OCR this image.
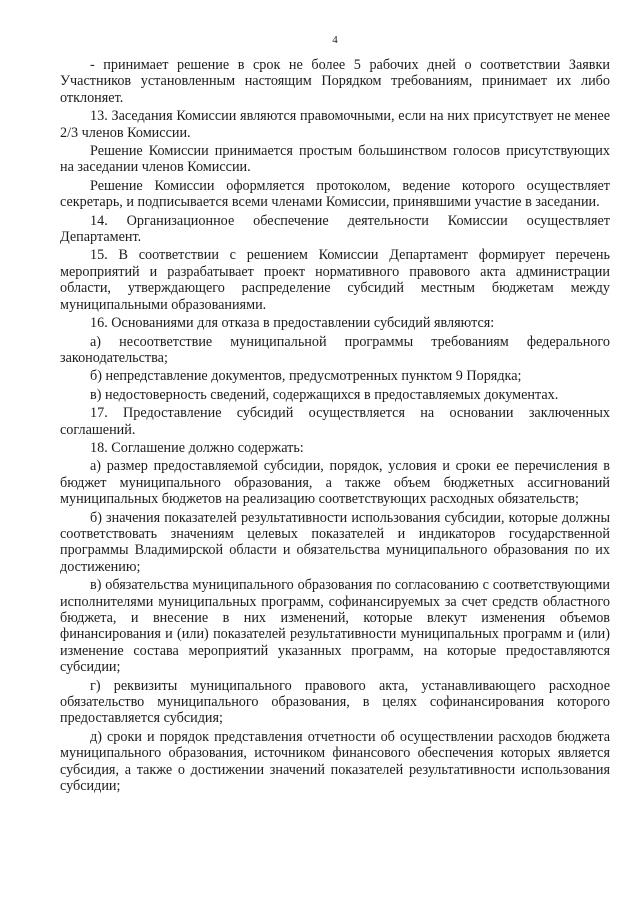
4

- принимает решение в срок не более 5 рабочих дней о соответствии Заявки Участников установленным настоящим Порядком требованиям, принимает их либо отклоняет.

13. Заседания Комиссии являются правомочными, если на них присутствует не менее 2/3 членов Комиссии.

Решение Комиссии принимается простым большинством голосов присутствующих на заседании членов Комиссии.

Решение Комиссии оформляется протоколом, ведение которого осуществляет секретарь, и подписывается всеми членами Комиссии, принявшими участие в заседании.

14. Организационное обеспечение деятельности Комиссии осуществляет Департамент.

15. В соответствии с решением Комиссии Департамент формирует перечень мероприятий и разрабатывает проект нормативного правового акта администрации области, утверждающего распределение субсидий местным бюджетам между муниципальными образованиями.

16. Основаниями для отказа в предоставлении субсидий являются:

а) несоответствие муниципальной программы требованиям федерального законодательства;

б) непредставление документов, предусмотренных пунктом 9 Порядка;

в) недостоверность сведений, содержащихся в предоставляемых документах.

17. Предоставление субсидий осуществляется на основании заключенных соглашений.

18. Соглашение должно содержать:

а) размер предоставляемой субсидии, порядок, условия и сроки ее перечисления в бюджет муниципального образования, а также объем бюджетных ассигнований муниципальных бюджетов на реализацию соответствующих расходных обязательств;

б) значения показателей результативности использования субсидии, которые должны соответствовать значениям целевых показателей и индикаторов государственной программы Владимирской области и обязательства муниципального образования по их достижению;

в) обязательства муниципального образования по согласованию с соответствующими исполнителями муниципальных программ, софинансируемых за счет средств областного бюджета, и внесение в них изменений, которые влекут изменения объемов финансирования и (или) показателей результативности муниципальных программ и (или) изменение состава мероприятий указанных программ, на которые предоставляются субсидии;

г) реквизиты муниципального правового акта, устанавливающего расходное обязательство муниципального образования, в целях софинансирования которого предоставляется субсидия;

д) сроки и порядок представления отчетности об осуществлении расходов бюджета муниципального образования, источником финансового обеспечения которых является субсидия, а также о достижении значений показателей результативности использования субсидии;
